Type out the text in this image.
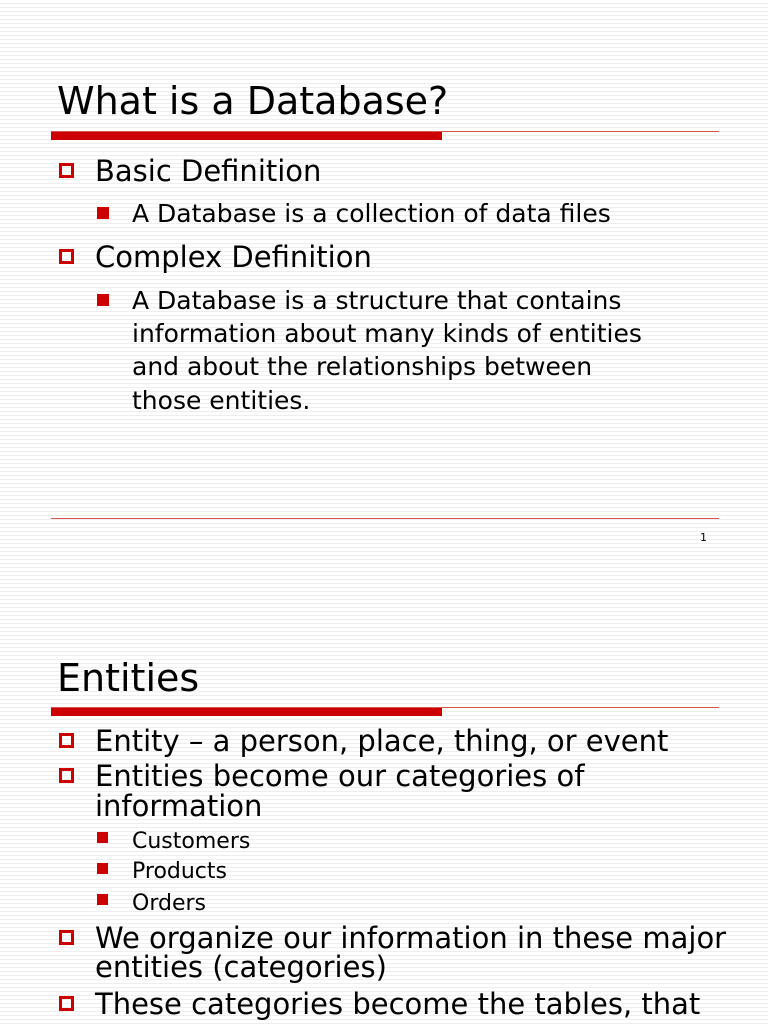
What is a Database?
Basic Definition
A Database is a collection of data files
Complex Definition
A Database is a structure that contains
information about many kinds of entities
and about the relationships between
those entities.
1
Entities
Entity – a person, place, thing, or event
Entities become our categories of
information
Customers
Products
Orders
We organize our information in these major
entities (categories)
These categories become the tables, that
